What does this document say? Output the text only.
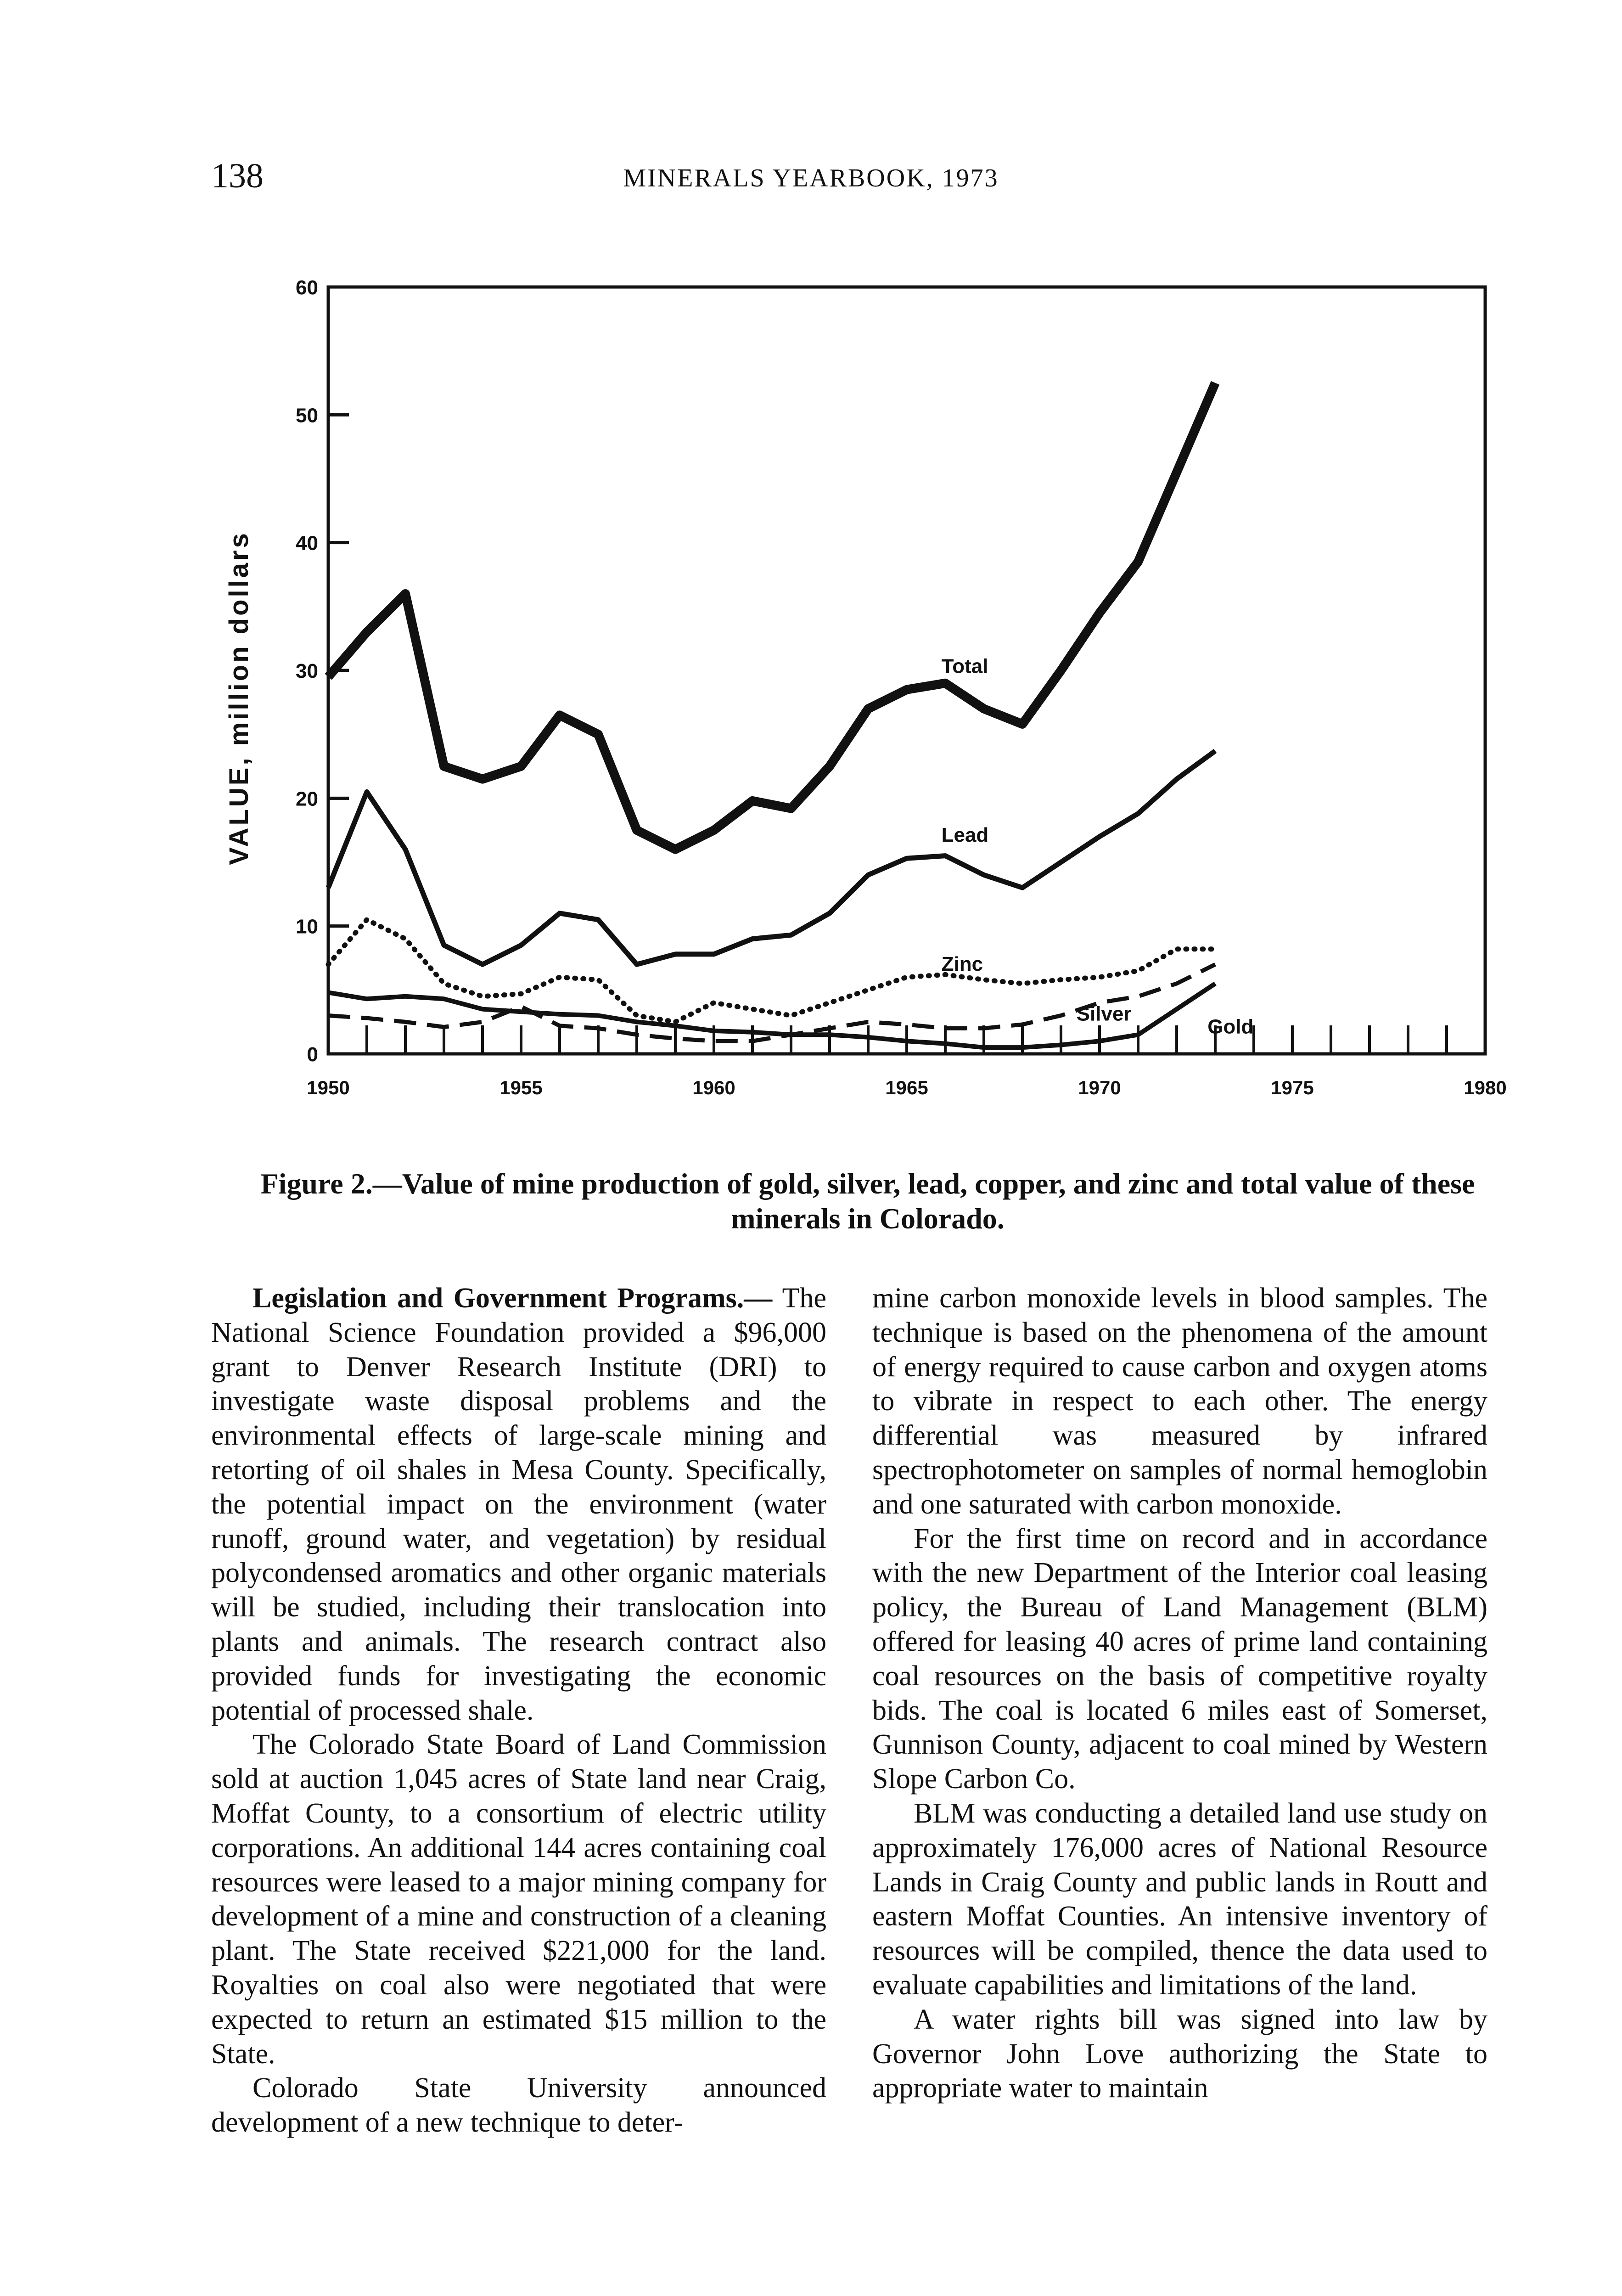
138	MINERALS YEARBOOK, 1973
0
10
20
30
40
50
60
1950	1955	1960	1965	1970	1975	1980
VALUE, million dollars	Total
Lead
Zinc
Silver
Gold
Figure 2.—Value of mine production of gold, silver, lead, copper, and zinc and total value of these minerals in Colorado.

Legislation and Government Programs.— The National Science Foundation provided a $96,000 grant to Denver Research Institute (DRI) to investigate waste disposal problems and the environmental effects of large-scale mining and retorting of oil shales in Mesa County. Specifically, the potential impact on the environment (water runoff, ground water, and vegetation) by residual polycondensed aromatics and other organic materials will be studied, including their translocation into plants and animals. The research contract also provided funds for investigating the economic potential of processed shale.

The Colorado State Board of Land Commission sold at auction 1,045 acres of State land near Craig, Moffat County, to a consortium of electric utility corporations. An additional 144 acres containing coal resources were leased to a major mining company for development of a mine and construction of a cleaning plant. The State received $221,000 for the land. Royalties on coal also were negotiated that were expected to return an estimated $15 million to the State.

Colorado State University announced development of a new technique to deter-

mine carbon monoxide levels in blood samples. The technique is based on the phenomena of the amount of energy required to cause carbon and oxygen atoms to vibrate in respect to each other. The energy differential was measured by infrared spectrophotometer on samples of normal hemoglobin and one saturated with carbon monoxide.

For the first time on record and in accordance with the new Department of the Interior coal leasing policy, the Bureau of Land Management (BLM) offered for leasing 40 acres of prime land containing coal resources on the basis of competitive royalty bids. The coal is located 6 miles east of Somerset, Gunnison County, adjacent to coal mined by Western Slope Carbon Co.

BLM was conducting a detailed land use study on approximately 176,000 acres of National Resource Lands in Craig County and public lands in Routt and eastern Moffat Counties. An intensive inventory of resources will be compiled, thence the data used to evaluate capabilities and limitations of the land.

A water rights bill was signed into law by Governor John Love authorizing the State to appropriate water to maintain
